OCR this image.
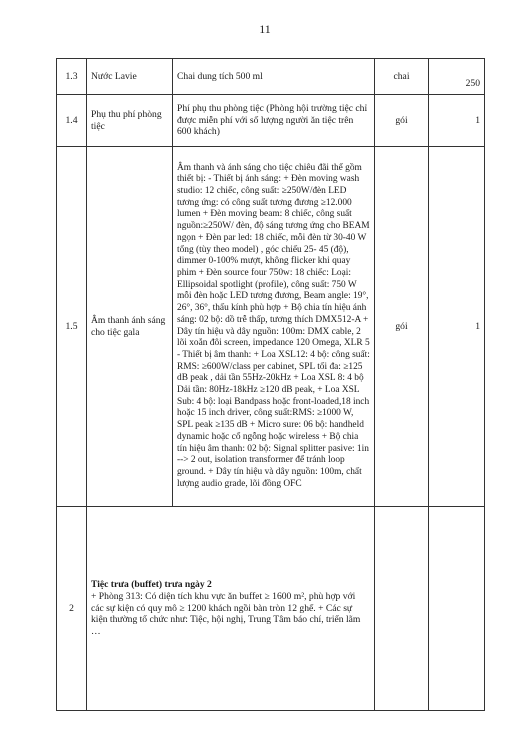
11
1.3	Nước Lavie	Chai dung tích 500 ml	chai	250
1.4	Phụ thu phí phòng tiệc	Phí phụ thu phòng tiệc (Phòng hội trường tiệc chỉ được miễn phí với số lượng người ăn tiệc trên 600 khách)	gói	1
1.5	Âm thanh ánh sáng cho tiệc gala	Âm thanh và ánh sáng cho tiệc chiêu đãi thể gồm thiết bị: - Thiết bị ánh sáng: + Đèn moving wash studio: 12 chiếc, công suất: ≥250W/đèn LED tương ứng: có công suất tương đương ≥12.000 lumen + Đèn moving beam: 8 chiếc, công suất nguồn:≥250W/ đèn, độ sáng tương ứng cho BEAM ngọn + Đèn par led: 18 chiếc, mỗi đèn từ 30-40 W tổng (tùy theo model) , góc chiếu 25- 45 (độ), dimmer 0-100% mượt, không flicker khi quay phim + Đèn source four 750w: 18 chiếc: Loại: Ellipsoidal spotlight (profile), công suất: 750 W mỗi đèn hoặc LED tương đương, Beam angle: 19°, 26°, 36°, thấu kính phù hợp + Bộ chia tín hiệu ánh sáng: 02 bộ: dồ trễ thấp, tương thích DMX512-A + Dây tín hiệu và dây nguồn: 100m: DMX cable, 2 lõi xoắn đôi screen, impedance 120 Omega, XLR 5 - Thiết bị âm thanh: + Loa XSL12: 4 bộ: công suất: RMS: ≥600W/class per cabinet, SPL tối đa: ≥125 dB peak , dải tần 55Hz-20kHz + Loa XSL 8: 4 bộ Dải tần: 80Hz-18kHz ≥120 dB peak, + Loa XSL Sub: 4 bộ: loại Bandpass hoặc front-loaded,18 inch hoặc 15 inch driver, công suất:RMS: ≥1000 W, SPL peak ≥135 dB + Micro sure: 06 bộ: handheld dynamic hoặc cổ ngỗng hoặc wireless + Bộ chia tín hiệu âm thanh: 02 bộ: Signal splitter pasive: 1in --> 2 out, isolation transformer để tránh loop ground. + Dây tín hiệu và dây nguồn: 100m, chất lượng audio grade, lõi đồng OFC	gói	1
2	Tiệc trưa (buffet) trưa ngày 2
+ Phòng 313: Có diện tích khu vực ăn buffet ≥ 1600 m², phù hợp với các sự kiện có quy mô ≥ 1200 khách ngồi bàn tròn 12 ghế. + Các sự kiện thường tổ chức như: Tiệc, hội nghị, Trung Tâm báo chí, triển lãm …			
